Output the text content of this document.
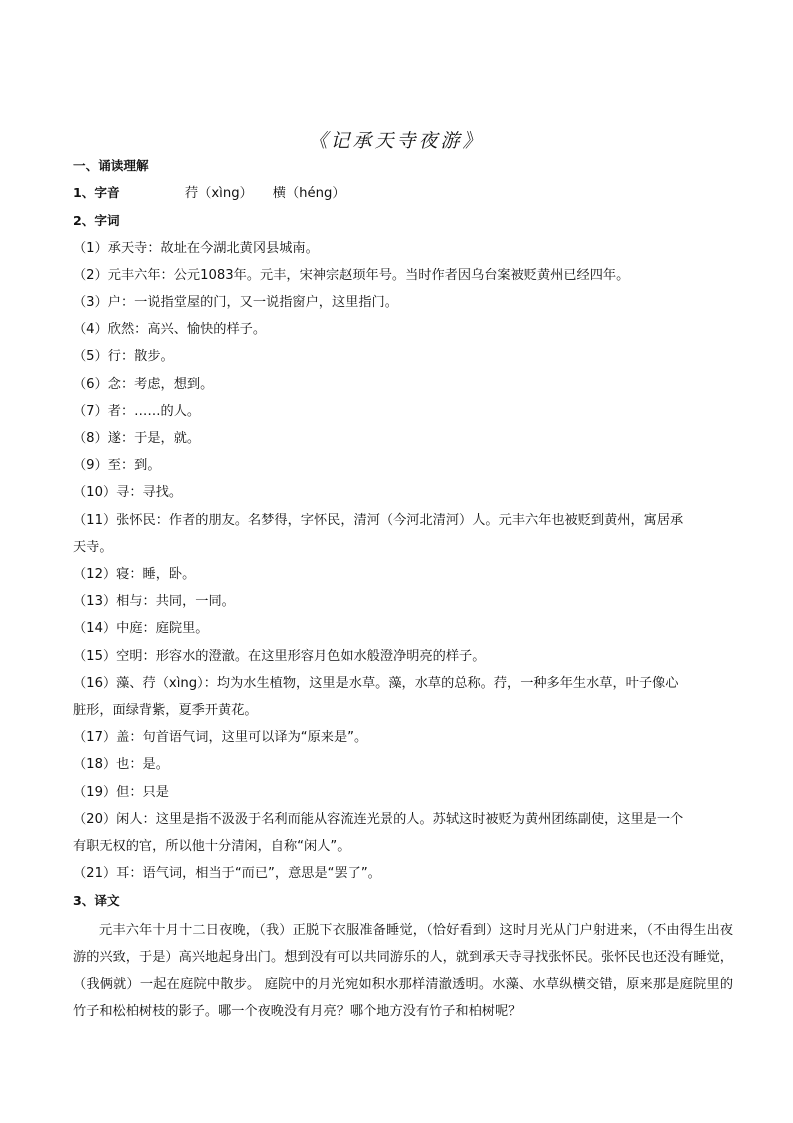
《记承天寺夜游》
一、诵读理解
1、字音	荇（xìng） 横（héng）
2、字词
（1）承天寺：故址在今湖北黄冈县城南。
（2）元丰六年：公元1083年。元丰，宋神宗赵顼年号。当时作者因乌台案被贬黄州已经四年。
（3）户：一说指堂屋的门，又一说指窗户，这里指门。
（4）欣然：高兴、愉快的样子。
（5）行：散步。
（6）念：考虑，想到。
（7）者：……的人。
（8）遂：于是，就。
（9）至：到。
（10）寻：寻找。
（11）张怀民：作者的朋友。名梦得，字怀民，清河（今河北清河）人。元丰六年也被贬到黄州，寓居承
天寺。
（12）寝：睡，卧。
（13）相与：共同，一同。
（14）中庭：庭院里。
（15）空明：形容水的澄澈。在这里形容月色如水般澄净明亮的样子。
（16）藻、荇（xìng）：均为水生植物，这里是水草。藻，水草的总称。荇，一种多年生水草，叶子像心
脏形，面绿背紫，夏季开黄花。
（17）盖：句首语气词，这里可以译为“原来是”。
（18）也：是。
（19）但：只是
（20）闲人：这里是指不汲汲于名利而能从容流连光景的人。苏轼这时被贬为黄州团练副使，这里是一个
有职无权的官，所以他十分清闲，自称“闲人”。
（21）耳：语气词，相当于“而已”，意思是“罢了”。
3、译文
元丰六年十月十二日夜晚，（我）正脱下衣服准备睡觉，（恰好看到）这时月光从门户射进来，（不由得生出夜游的兴致，于是）高兴地起身出门。想到没有可以共同游乐的人，就到承天寺寻找张怀民。张怀民也还没有睡觉，（我俩就）一起在庭院中散步。 庭院中的月光宛如积水那样清澈透明。水藻、水草纵横交错，原来那是庭院里的竹子和松柏树枝的影子。哪一个夜晚没有月亮？哪个地方没有竹子和柏树呢？
